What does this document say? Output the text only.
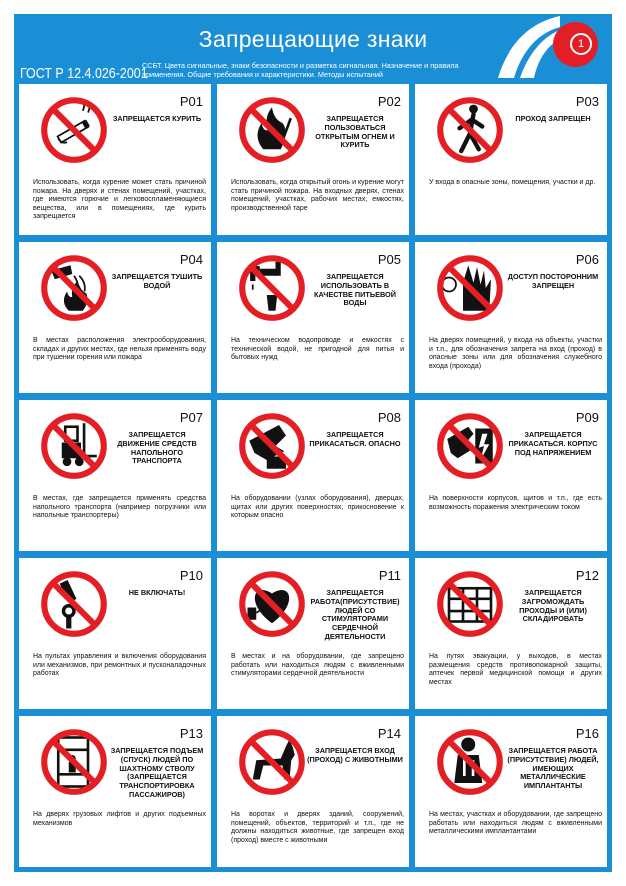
Запрещающие знаки
ГОСТ Р 12.4.026-2001
ССБТ. Цвета сигнальные, знаки безопасности и разметка сигнальная. Назначение и правила применения. Общие требования и характеристики. Методы испытаний
1
P01
ЗАПРЕЩАЕТСЯ КУРИТЬ
Использовать, когда курение может стать причиной пожара. На дверях и стенах помещений, участках, где имеются горючие и легковоспламеняющиеся вещества, или в помещениях, где курить запрещается
P02
ЗАПРЕЩАЕТСЯ ПОЛЬЗОВАТЬСЯ ОТКРЫТЫМ ОГНЕМ И КУРИТЬ
Использовать, когда открытый огонь и курение могут стать причиной пожара. На входных дверях, стенах помещений, участках, рабочих местах, емкостях, производственной таре
P03
ПРОХОД ЗАПРЕЩЕН
У входа в опасные зоны, помещения, участки и др.
P04
ЗАПРЕЩАЕТСЯ ТУШИТЬ ВОДОЙ
В местах расположения электрооборудования, складах и других местах, где нельзя применять воду при тушении горения или пожара
P05
ЗАПРЕЩАЕТСЯ ИСПОЛЬЗОВАТЬ В КАЧЕСТВЕ ПИТЬЕВОЙ ВОДЫ
На техническом водопроводе и емкостях с технической водой, не пригодной для питья и бытовых нужд
P06
ДОСТУП ПОСТОРОННИМ ЗАПРЕЩЕН
На дверях помещений, у входа на объекты, участки и т.п., для обозначения запрета на вход (проход) в опасные зоны или для обозначения служебного входа (прохода)
P07
ЗАПРЕЩАЕТСЯ ДВИЖЕНИЕ СРЕДСТВ НАПОЛЬНОГО ТРАНСПОРТА
В местах, где запрещается применять средства напольного транспорта (например погрузчики или напольные транспортеры)
P08
ЗАПРЕЩАЕТСЯ ПРИКАСАТЬСЯ. ОПАСНО
На оборудовании (узлах оборудования), дверцах, щитах или других поверхностях, прикосновение к которым опасно
P09
ЗАПРЕЩАЕТСЯ ПРИКАСАТЬСЯ. КОРПУС ПОД НАПРЯЖЕНИЕМ
На поверхности корпусов, щитов и т.п., где есть возможность поражения электрическим током
P10
НЕ ВКЛЮЧАТЬ!
На пультах управления и включения оборудования или механизмов, при ремонтных и пусконаладочных работах
P11
ЗАПРЕЩАЕТСЯ РАБОТА(ПРИСУТСТВИЕ) ЛЮДЕЙ СО СТИМУЛЯТОРАМИ СЕРДЕЧНОЙ ДЕЯТЕЛЬНОСТИ
В местах и на оборудовании, где запрещено работать или находиться людям с вживленными стимуляторами сердечной деятельности
P12
ЗАПРЕЩАЕТСЯ ЗАГРОМОЖДАТЬ ПРОХОДЫ И (ИЛИ) СКЛАДИРОВАТЬ
На путях эвакуации, у выходов, в местах размещения средств противопожарной защиты, аптечек первой медицинской помощи и других местах
P13
ЗАПРЕЩАЕТСЯ ПОДЪЕМ (СПУСК) ЛЮДЕЙ ПО ШАХТНОМУ СТВОЛУ (ЗАПРЕЩАЕТСЯ ТРАНСПОРТИРОВКА ПАССАЖИРОВ)
На дверях грузовых лифтов и других подъемных механизмов
P14
ЗАПРЕЩАЕТСЯ ВХОД (ПРОХОД) С ЖИВОТНЫМИ
На воротах и дверях зданий, сооружений, помещений, объектов, территорий и т.п., где не должны находиться животные, где запрещен вход (проход) вместе с животными
P16
ЗАПРЕЩАЕТСЯ РАБОТА (ПРИСУТСТВИЕ) ЛЮДЕЙ, ИМЕЮЩИХ МЕТАЛЛИЧЕСКИЕ ИМПЛАНТАНТЫ
На местах, участках и оборудовании, где запрещено работать или находиться людям с вживленными металлическими имплантантами
